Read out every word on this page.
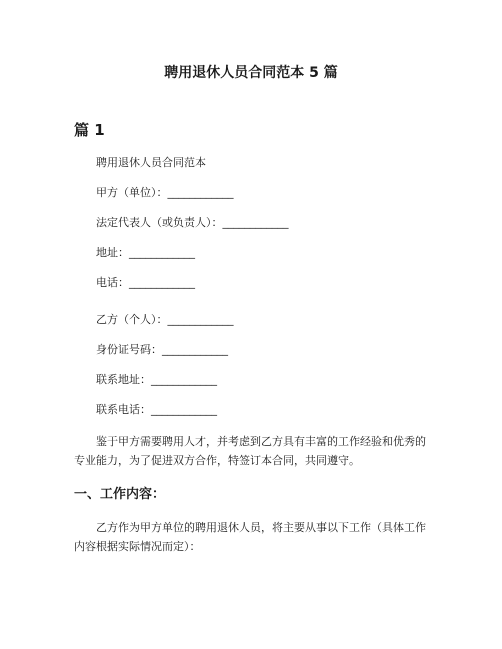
聘用退休人员合同范本 5 篇
篇 1

聘用退休人员合同范本

甲方（单位）：____________

法定代表人（或负责人）：____________

地址：____________

电话：____________

乙方（个人）：____________

身份证号码：____________

联系地址：____________

联系电话：____________

鉴于甲方需要聘用人才，并考虑到乙方具有丰富的工作经验和优秀的专业能力，为了促进双方合作，特签订本合同，共同遵守。

一、工作内容：

乙方作为甲方单位的聘用退休人员，将主要从事以下工作（具体工作内容根据实际情况而定）：
